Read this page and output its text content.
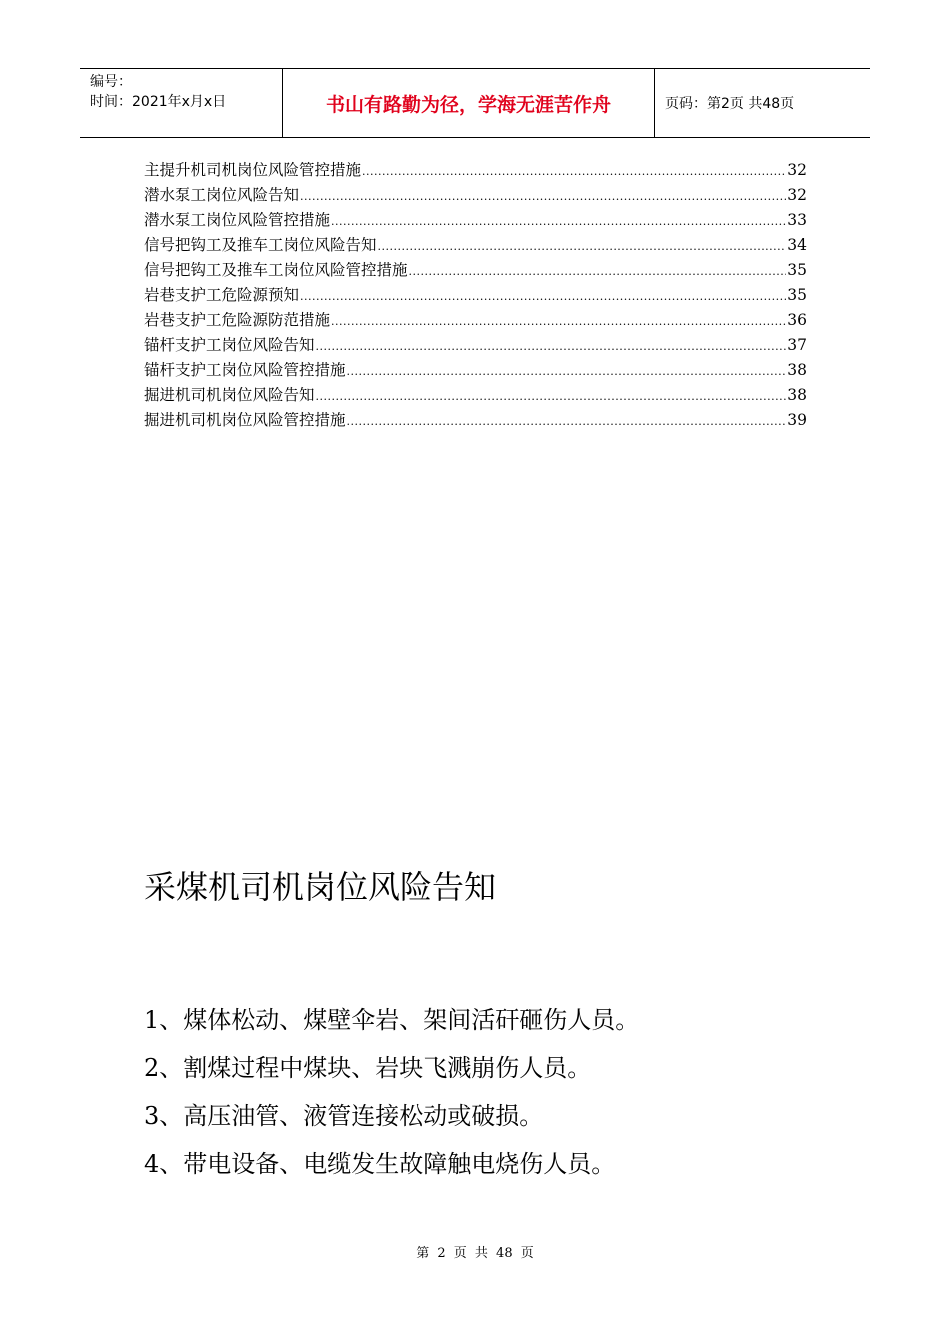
编号：
时间：2021年x月x日	书山有路勤为径，学海无涯苦作舟	页码：第2页 共48页
主提升机司机岗位风险管控措施 .....	32
潜水泵工岗位风险告知 .....	32
潜水泵工岗位风险管控措施 .....	33
信号把钩工及推车工岗位风险告知 .....	34
信号把钩工及推车工岗位风险管控措施 .....	35
岩巷支护工危险源预知 .....	35
岩巷支护工危险源防范措施 .....	36
锚杆支护工岗位风险告知 .....	37
锚杆支护工岗位风险管控措施 .....	38
掘进机司机岗位风险告知 .....	38
掘进机司机岗位风险管控措施 .....	39
采煤机司机岗位风险告知
1、煤体松动、煤壁伞岩、架间活矸砸伤人员。
2、割煤过程中煤块、岩块飞溅崩伤人员。
3、高压油管、液管连接松动或破损。
4、带电设备、电缆发生故障触电烧伤人员。
第 2 页 共 48 页
